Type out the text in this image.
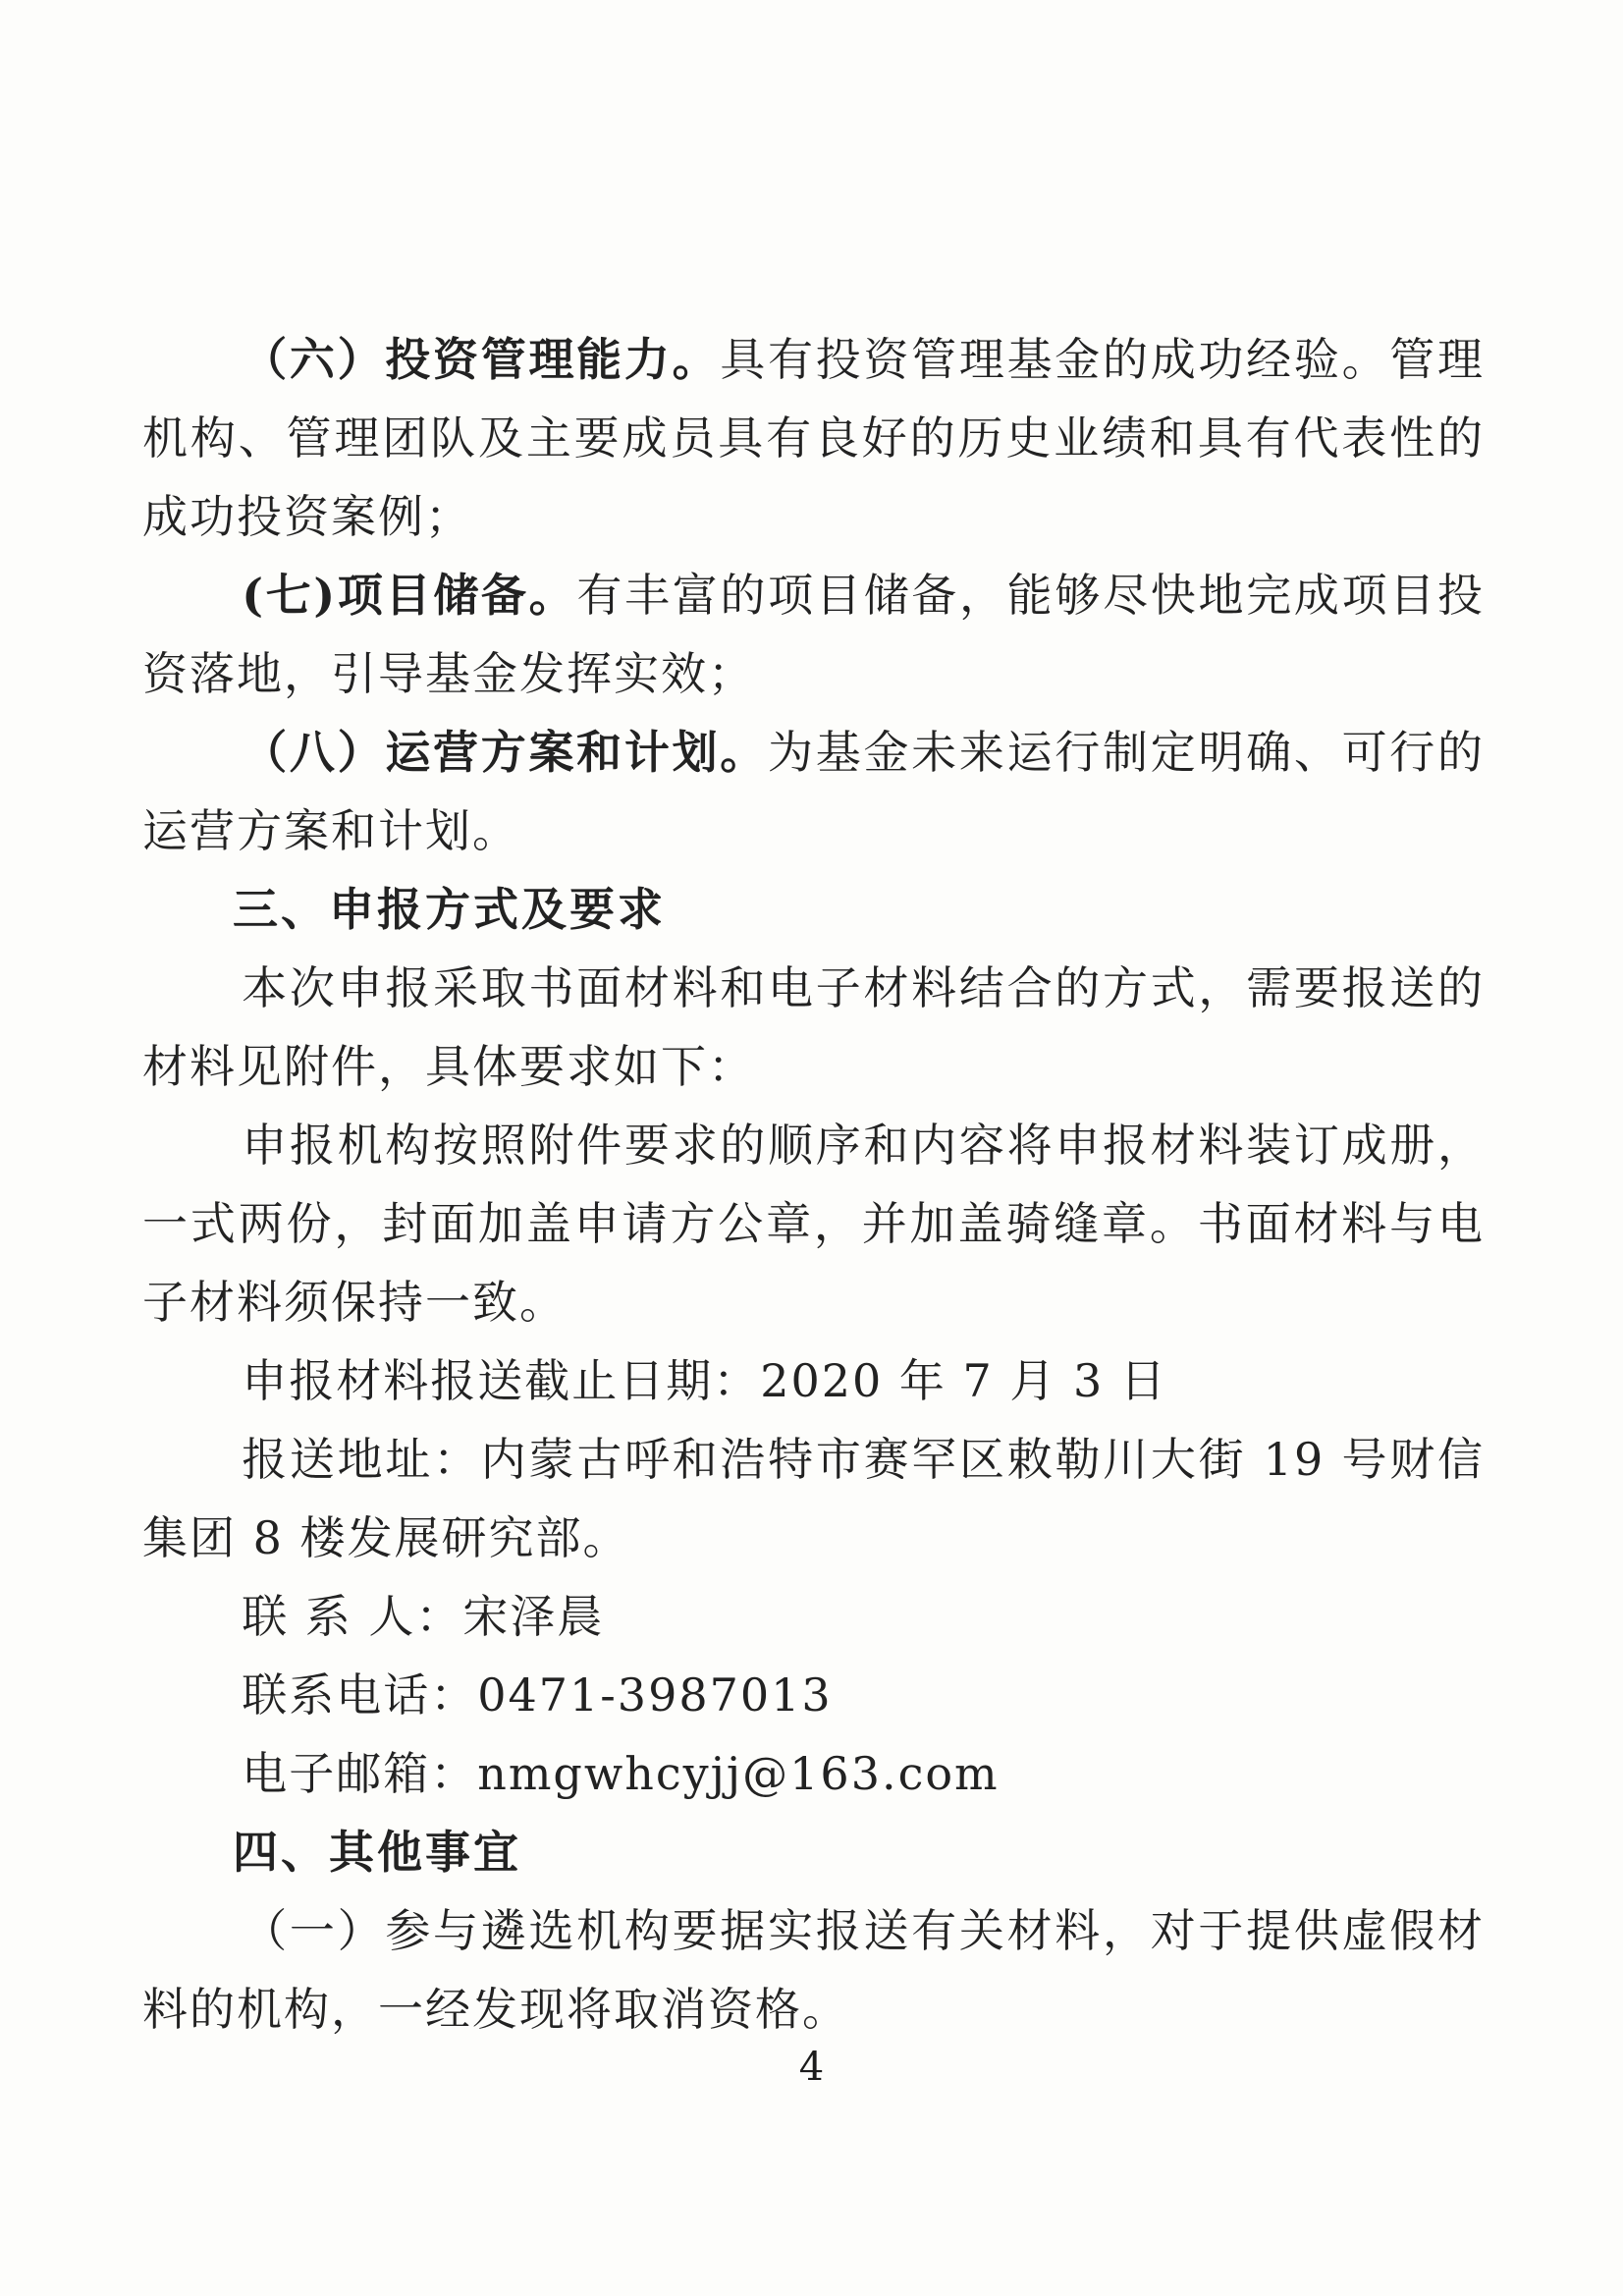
（六）投资管理能力。具有投资管理基金的成功经验。管理机构、管理团队及主要成员具有良好的历史业绩和具有代表性的成功投资案例；

(七)项目储备。有丰富的项目储备，能够尽快地完成项目投资落地，引导基金发挥实效；

（八）运营方案和计划。为基金未来运行制定明确、可行的运营方案和计划。

三、申报方式及要求

本次申报采取书面材料和电子材料结合的方式，需要报送的材料见附件，具体要求如下：

申报机构按照附件要求的顺序和内容将申报材料装订成册，一式两份，封面加盖申请方公章，并加盖骑缝章。书面材料与电子材料须保持一致。

申报材料报送截止日期：2020 年 7 月 3 日

报送地址：内蒙古呼和浩特市赛罕区敕勒川大街 19 号财信集团 8 楼发展研究部。

联 系 人：宋泽晨

联系电话：0471-3987013

电子邮箱：nmgwhcyjj@163.com

四、其他事宜

（一）参与遴选机构要据实报送有关材料，对于提供虚假材料的机构，一经发现将取消资格。

4
